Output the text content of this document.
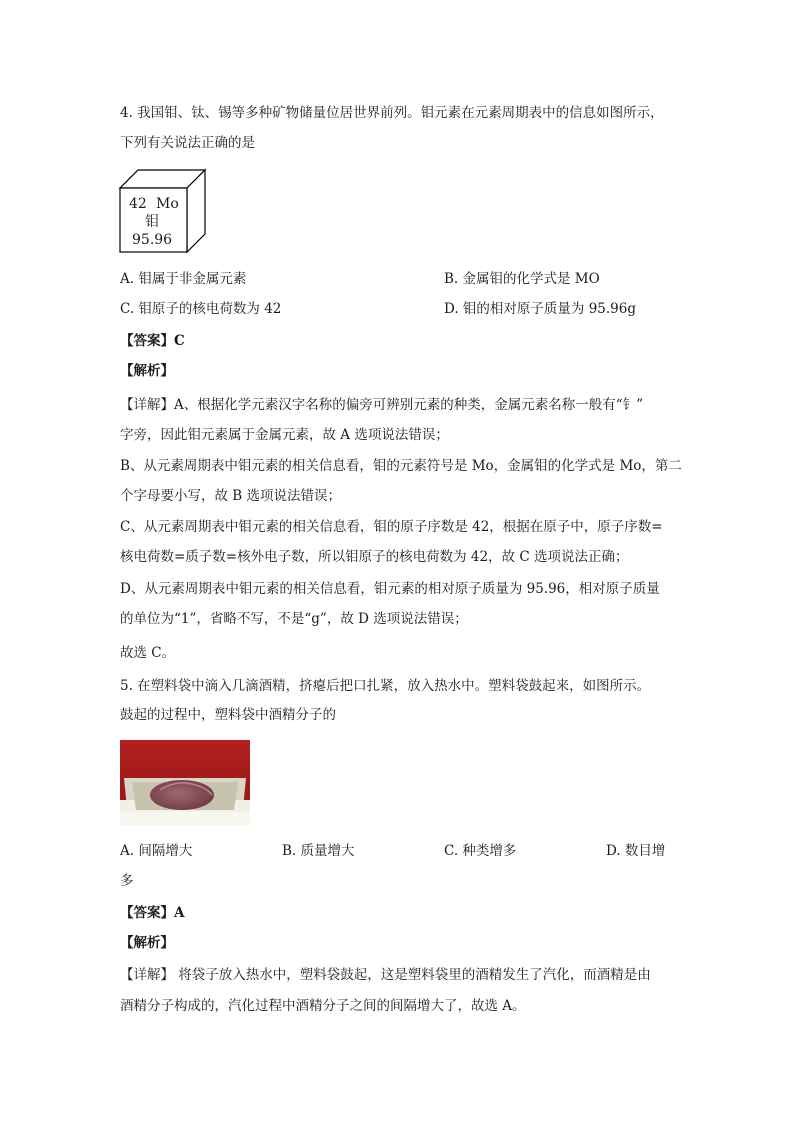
4. 我国钼、钛、锡等多种矿物储量位居世界前列。钼元素在元素周期表中的信息如图所示，
下列有关说法正确的是
42 Mo
钼
95.96
A. 钼属于非金属元素	B. 金属钼的化学式是 MO
C. 钼原子的核电荷数为 42	D. 钼的相对原子质量为 95.96g
【答案】C
【解析】
【详解】A、根据化学元素汉字名称的偏旁可辨别元素的种类，金属元素名称一般有“钅”
字旁，因此钼元素属于金属元素，故 A 选项说法错误；
B、从元素周期表中钼元素的相关信息看，钼的元素符号是 Mo，金属钼的化学式是 Mo，第二
个字母要小写，故 B 选项说法错误；
C、从元素周期表中钼元素的相关信息看，钼的原子序数是 42，根据在原子中，原子序数=
核电荷数=质子数=核外电子数，所以钼原子的核电荷数为 42，故 C 选项说法正确；
D、从元素周期表中钼元素的相关信息看，钼元素的相对原子质量为 95.96，相对原子质量
的单位为“1”，省略不写，不是“g”，故 D 选项说法错误；
故选 C。
5. 在塑料袋中滴入几滴酒精，挤瘪后把口扎紧，放入热水中。塑料袋鼓起来，如图所示。
鼓起的过程中，塑料袋中酒精分子的
A. 间隔增大	B. 质量增大	C. 种类增多	D. 数目增
多
【答案】A
【解析】
【详解】 将袋子放入热水中，塑料袋鼓起，这是塑料袋里的酒精发生了汽化，而酒精是由
酒精分子构成的，汽化过程中酒精分子之间的间隔增大了，故选 A。
